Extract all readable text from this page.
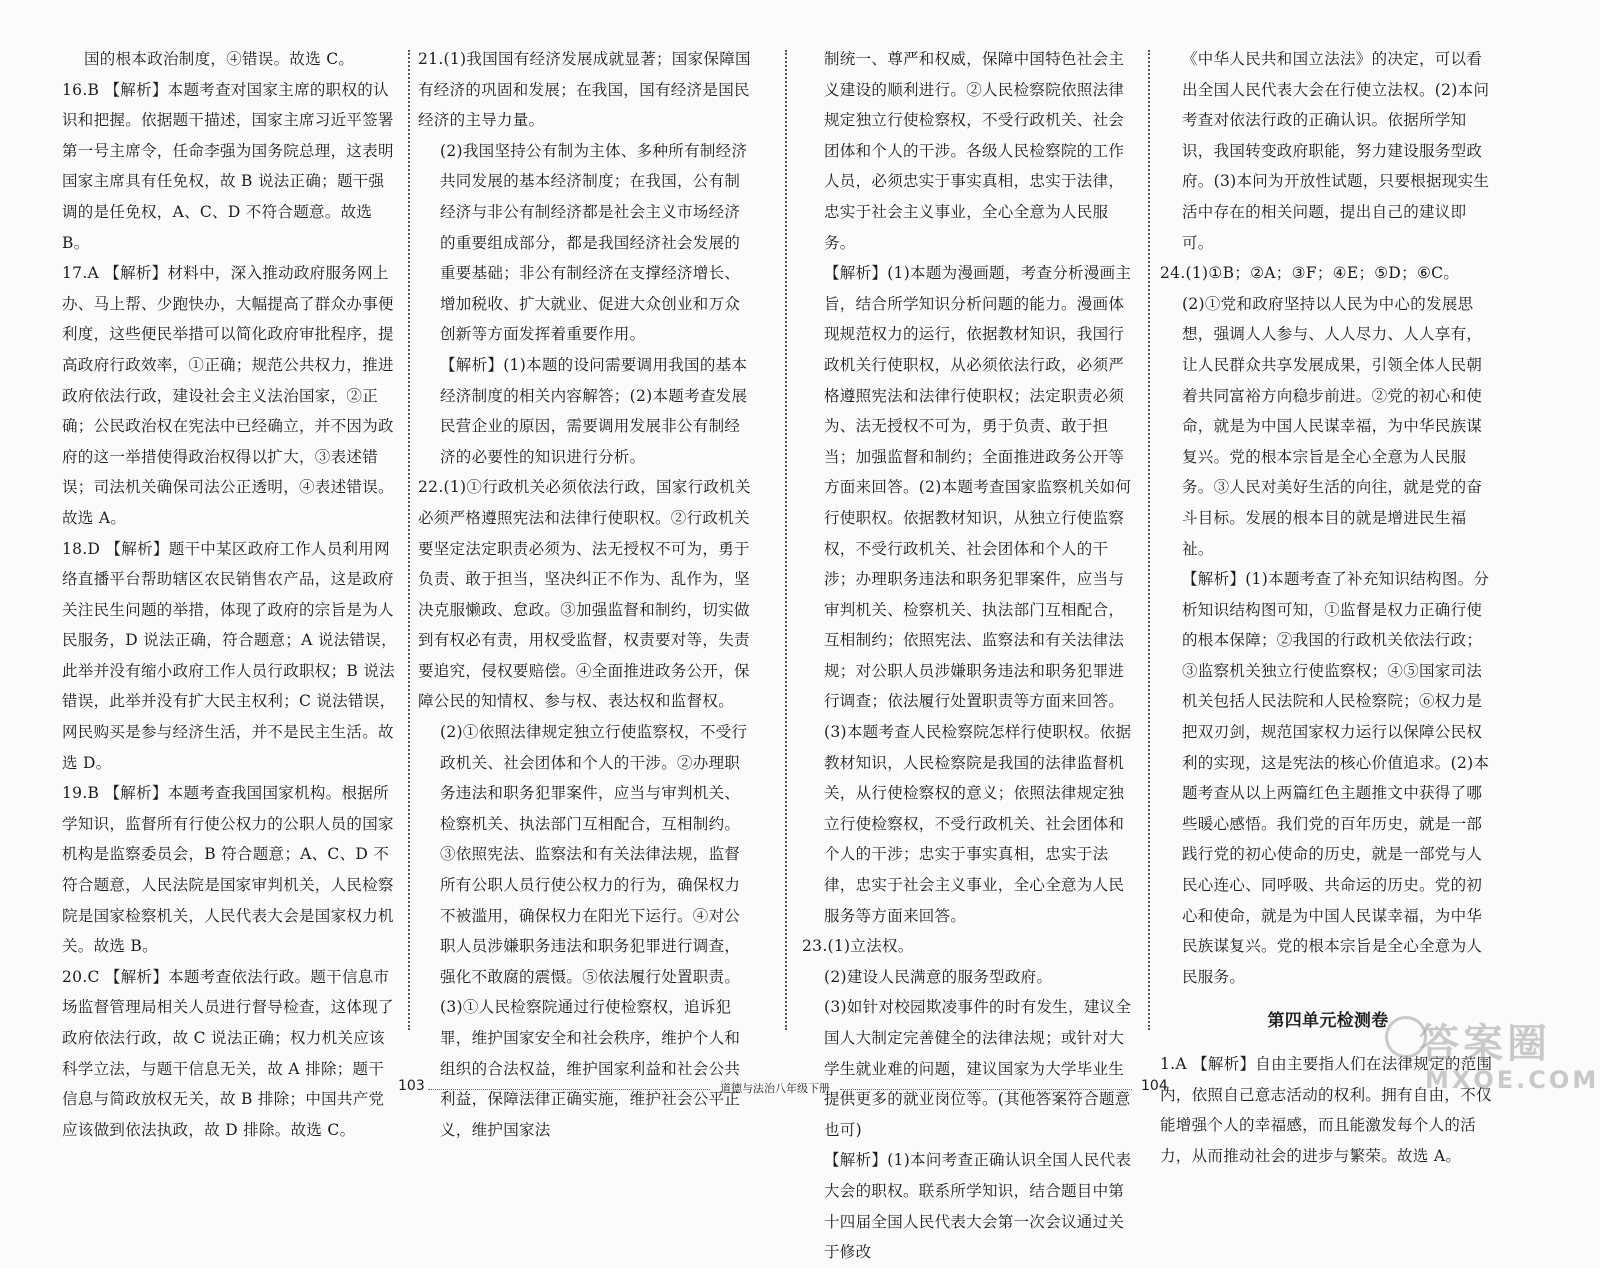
国的根本政治制度，④错误。故选 C。

16.B 【解析】本题考查对国家主席的职权的认识和把握。依据题干描述，国家主席习近平签署第一号主席令，任命李强为国务院总理，这表明国家主席具有任免权，故 B 说法正确；题干强调的是任免权，A、C、D 不符合题意。故选 B。

17.A 【解析】材料中，深入推动政府服务网上办、马上帮、少跑快办，大幅提高了群众办事便利度，这些便民举措可以简化政府审批程序，提高政府行政效率，①正确；规范公共权力，推进政府依法行政，建设社会主义法治国家，②正确；公民政治权在宪法中已经确立，并不因为政府的这一举措使得政治权得以扩大，③表述错误；司法机关确保司法公正透明，④表述错误。故选 A。

18.D 【解析】题干中某区政府工作人员利用网络直播平台帮助辖区农民销售农产品，这是政府关注民生问题的举措，体现了政府的宗旨是为人民服务，D 说法正确，符合题意；A 说法错误，此举并没有缩小政府工作人员行政职权；B 说法错误，此举并没有扩大民主权利；C 说法错误，网民购买是参与经济生活，并不是民主生活。故选 D。

19.B 【解析】本题考查我国国家机构。根据所学知识，监督所有行使公权力的公职人员的国家机构是监察委员会，B 符合题意；A、C、D 不符合题意，人民法院是国家审判机关，人民检察院是国家检察机关，人民代表大会是国家权力机关。故选 B。

20.C 【解析】本题考查依法行政。题干信息市场监督管理局相关人员进行督导检查，这体现了政府依法行政，故 C 说法正确；权力机关应该科学立法，与题干信息无关，故 A 排除；题干信息与简政放权无关，故 B 排除；中国共产党应该做到依法执政，故 D 排除。故选 C。

21.(1)我国国有经济发展成就显著；国家保障国有经济的巩固和发展；在我国，国有经济是国民经济的主导力量。

(2)我国坚持公有制为主体、多种所有制经济共同发展的基本经济制度；在我国，公有制经济与非公有制经济都是社会主义市场经济的重要组成部分，都是我国经济社会发展的重要基础；非公有制经济在支撑经济增长、增加税收、扩大就业、促进大众创业和万众创新等方面发挥着重要作用。

【解析】(1)本题的设问需要调用我国的基本经济制度的相关内容解答；(2)本题考查发展民营企业的原因，需要调用发展非公有制经济的必要性的知识进行分析。

22.(1)①行政机关必须依法行政，国家行政机关必须严格遵照宪法和法律行使职权。②行政机关要坚定法定职责必须为、法无授权不可为，勇于负责、敢于担当，坚决纠正不作为、乱作为，坚决克服懒政、怠政。③加强监督和制约，切实做到有权必有责，用权受监督，权责要对等，失责要追究，侵权要赔偿。④全面推进政务公开，保障公民的知情权、参与权、表达权和监督权。

(2)①依照法律规定独立行使监察权，不受行政机关、社会团体和个人的干涉。②办理职务违法和职务犯罪案件，应当与审判机关、检察机关、执法部门互相配合，互相制约。③依照宪法、监察法和有关法律法规，监督所有公职人员行使公权力的行为，确保权力不被滥用，确保权力在阳光下运行。④对公职人员涉嫌职务违法和职务犯罪进行调查，强化不敢腐的震慑。⑤依法履行处置职责。

(3)①人民检察院通过行使检察权，追诉犯罪，维护国家安全和社会秩序，维护个人和组织的合法权益，维护国家利益和社会公共利益，保障法律正确实施，维护社会公平正义，维护国家法

制统一、尊严和权威，保障中国特色社会主义建设的顺利进行。②人民检察院依照法律规定独立行使检察权，不受行政机关、社会团体和个人的干涉。各级人民检察院的工作人员，必须忠实于事实真相，忠实于法律，忠实于社会主义事业，全心全意为人民服务。

【解析】(1)本题为漫画题，考查分析漫画主旨，结合所学知识分析问题的能力。漫画体现规范权力的运行，依据教材知识，我国行政机关行使职权，从必须依法行政，必须严格遵照宪法和法律行使职权；法定职责必须为、法无授权不可为，勇于负责、敢于担当；加强监督和制约；全面推进政务公开等方面来回答。(2)本题考查国家监察机关如何行使职权。依据教材知识，从独立行使监察权，不受行政机关、社会团体和个人的干涉；办理职务违法和职务犯罪案件，应当与审判机关、检察机关、执法部门互相配合，互相制约；依照宪法、监察法和有关法律法规；对公职人员涉嫌职务违法和职务犯罪进行调查；依法履行处置职责等方面来回答。(3)本题考查人民检察院怎样行使职权。依据教材知识，人民检察院是我国的法律监督机关，从行使检察权的意义；依照法律规定独立行使检察权，不受行政机关、社会团体和个人的干涉；忠实于事实真相，忠实于法律，忠实于社会主义事业，全心全意为人民服务等方面来回答。

23.(1)立法权。

(2)建设人民满意的服务型政府。

(3)如针对校园欺凌事件的时有发生，建议全国人大制定完善健全的法律法规；或针对大学生就业难的问题，建议国家为大学毕业生提供更多的就业岗位等。(其他答案符合题意也可)

【解析】(1)本问考查正确认识全国人民代表大会的职权。联系所学知识，结合题目中第十四届全国人民代表大会第一次会议通过关于修改

《中华人民共和国立法法》的决定，可以看出全国人民代表大会在行使立法权。(2)本问考查对依法行政的正确认识。依据所学知识，我国转变政府职能，努力建设服务型政府。(3)本问为开放性试题，只要根据现实生活中存在的相关问题，提出自己的建议即可。

24.(1)①B；②A；③F；④E；⑤D；⑥C。

(2)①党和政府坚持以人民为中心的发展思想，强调人人参与、人人尽力、人人享有，让人民群众共享发展成果，引领全体人民朝着共同富裕方向稳步前进。②党的初心和使命，就是为中国人民谋幸福，为中华民族谋复兴。党的根本宗旨是全心全意为人民服务。③人民对美好生活的向往，就是党的奋斗目标。发展的根本目的就是增进民生福祉。

【解析】(1)本题考查了补充知识结构图。分析知识结构图可知，①监督是权力正确行使的根本保障；②我国的行政机关依法行政；③监察机关独立行使监察权；④⑤国家司法机关包括人民法院和人民检察院；⑥权力是把双刃剑，规范国家权力运行以保障公民权利的实现，这是宪法的核心价值追求。(2)本题考查从以上两篇红色主题推文中获得了哪些暖心感悟。我们党的百年历史，就是一部践行党的初心使命的历史，就是一部党与人民心连心、同呼吸、共命运的历史。党的初心和使命，就是为中国人民谋幸福，为中华民族谋复兴。党的根本宗旨是全心全意为人民服务。

第四单元检测卷

1.A 【解析】自由主要指人们在法律规定的范围内，依照自己意志活动的权利。拥有自由，不仅能增强个人的幸福感，而且能激发每个人的活力，从而推动社会的进步与繁荣。故选 A。

103	道德与法治八年级下册	104
答案圈
MXQE.COM
